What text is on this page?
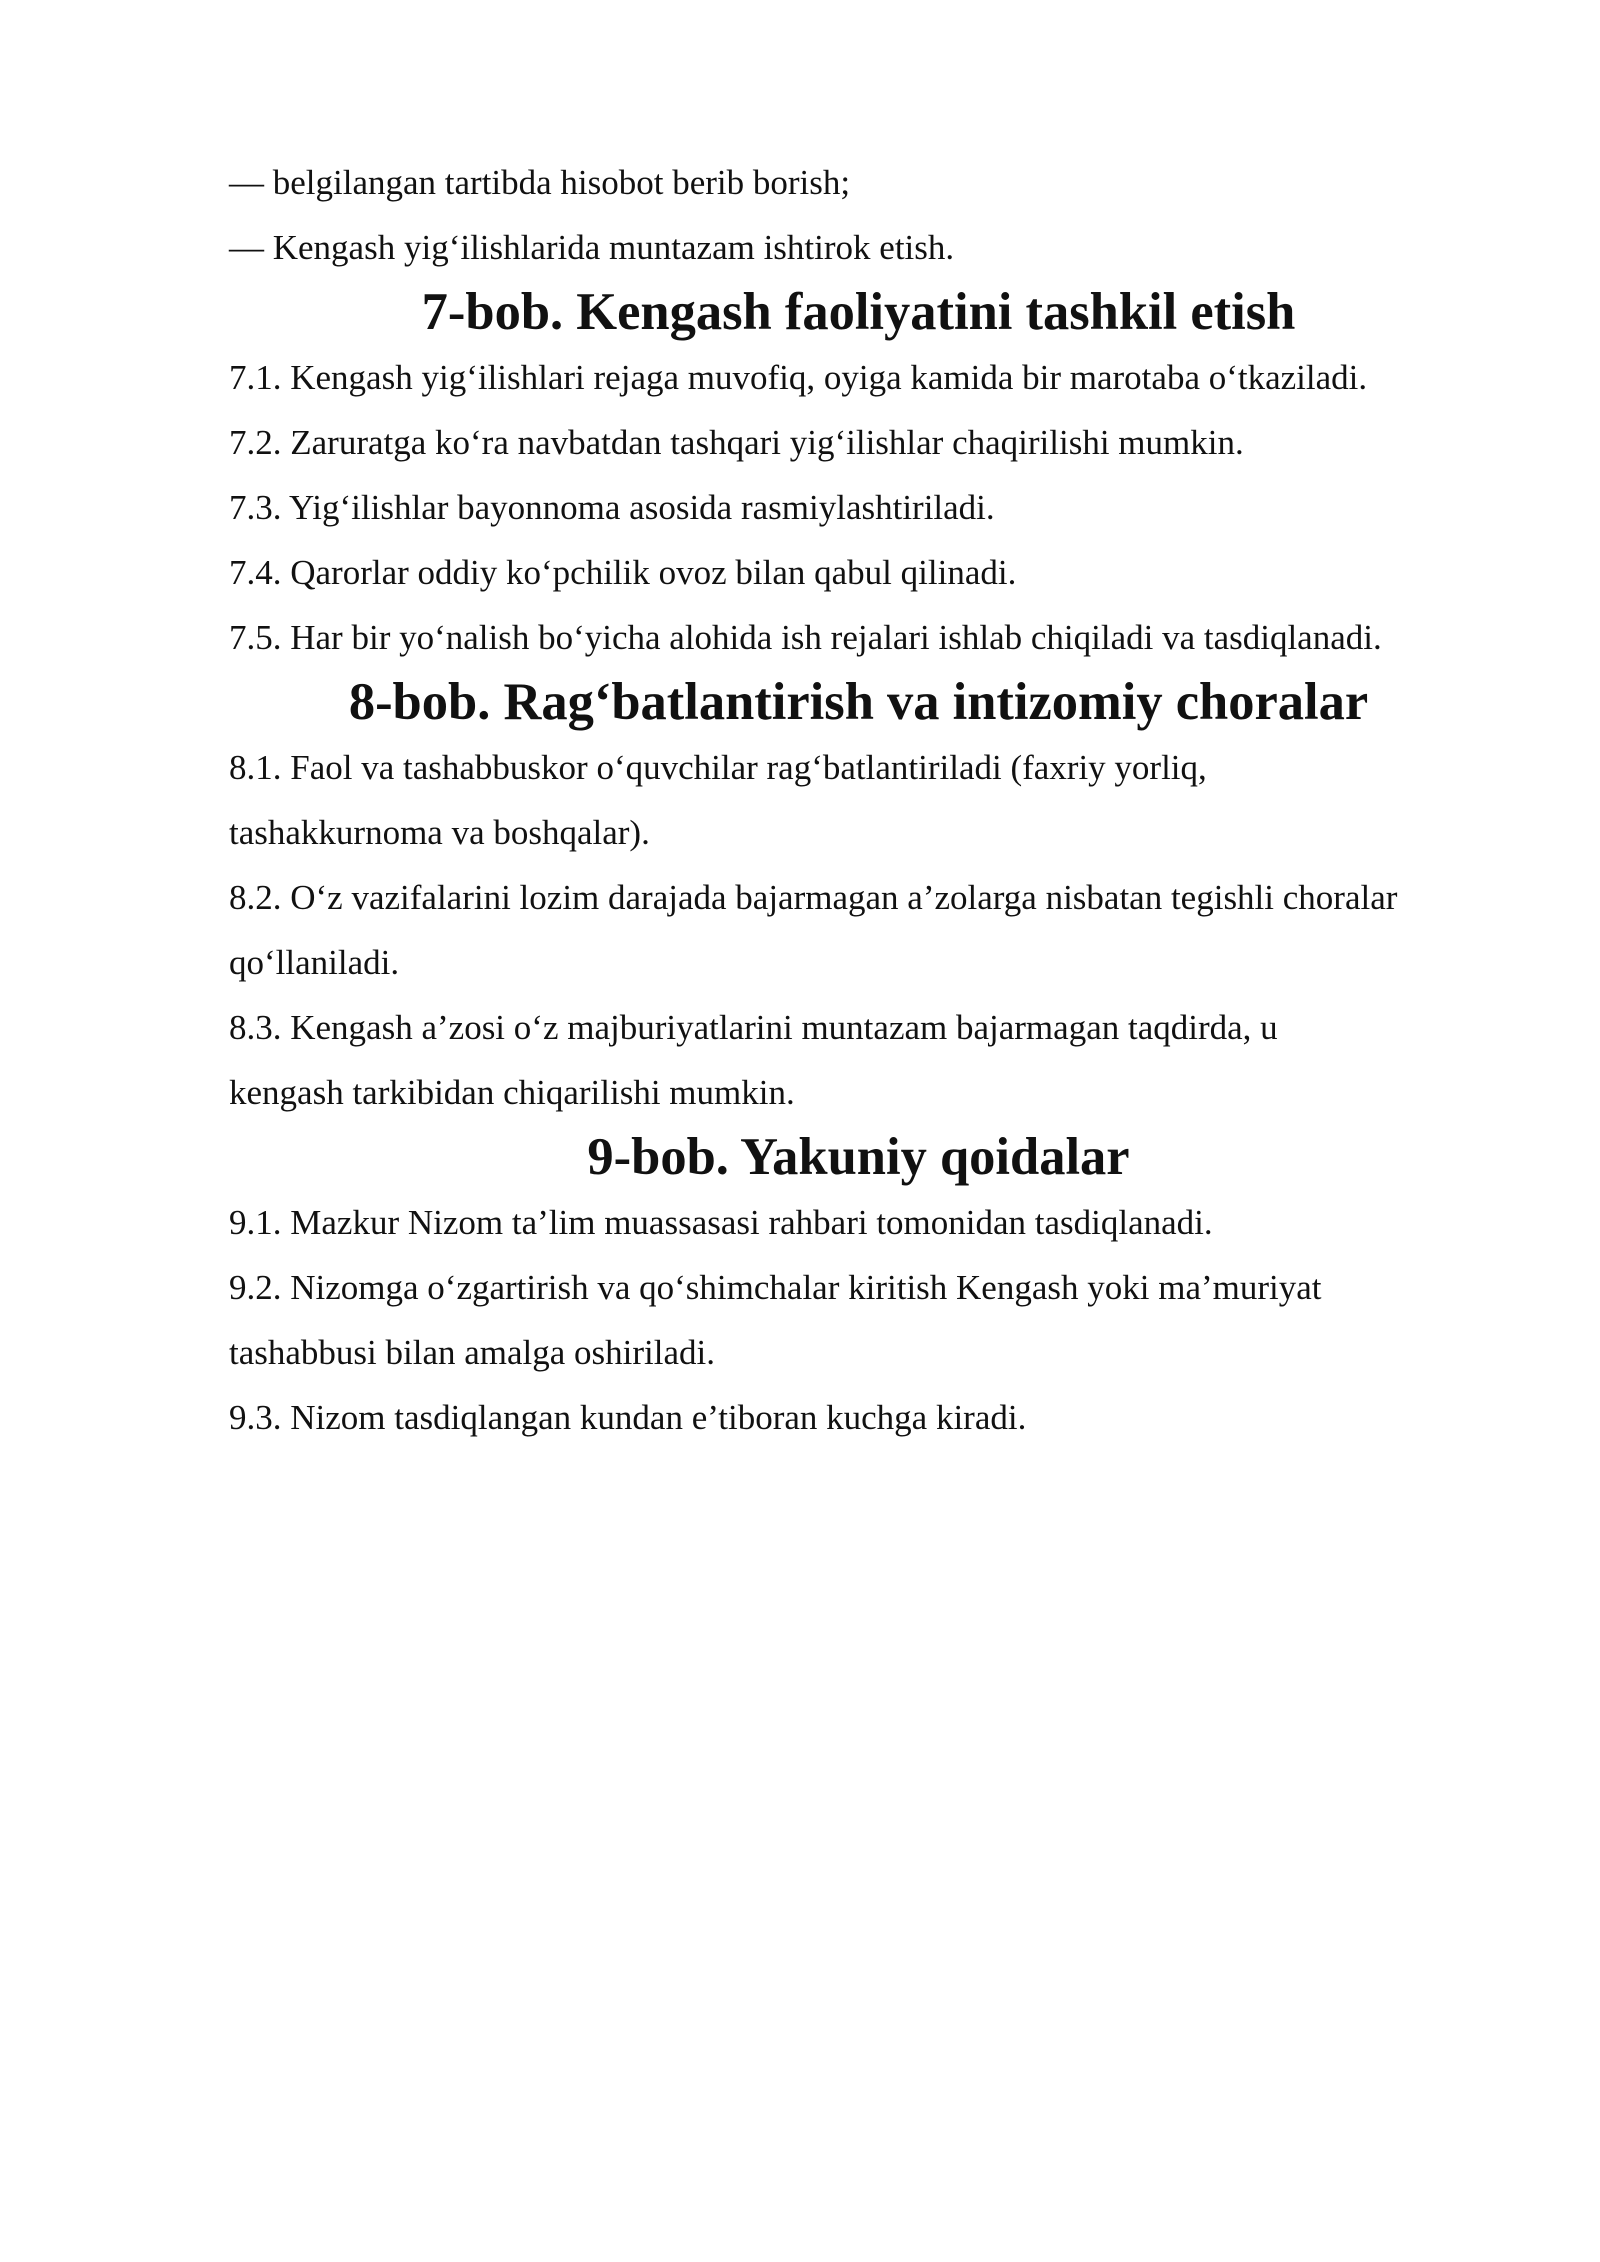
— belgilangan tartibda hisobot berib borish;

— Kengash yigʻilishlarida muntazam ishtirok etish.

7-bob. Kengash faoliyatini tashkil etish

7.1. Kengash yigʻilishlari rejaga muvofiq, oyiga kamida bir marotaba oʻtkaziladi.

7.2. Zaruratga koʻra navbatdan tashqari yigʻilishlar chaqirilishi mumkin.

7.3. Yigʻilishlar bayonnoma asosida rasmiylashtiriladi.

7.4. Qarorlar oddiy koʻpchilik ovoz bilan qabul qilinadi.

7.5. Har bir yoʻnalish boʻyicha alohida ish rejalari ishlab chiqiladi va tasdiqlanadi.

8-bob. Ragʻbatlantirish va intizomiy choralar

8.1. Faol va tashabbuskor oʻquvchilar ragʻbatlantiriladi (faxriy yorliq,

tashakkurnoma va boshqalar).

8.2. Oʻz vazifalarini lozim darajada bajarmagan a’zolarga nisbatan tegishli choralar

qoʻllaniladi.

8.3. Kengash a’zosi oʻz majburiyatlarini muntazam bajarmagan taqdirda, u

kengash tarkibidan chiqarilishi mumkin.

9-bob. Yakuniy qoidalar

9.1. Mazkur Nizom ta’lim muassasasi rahbari tomonidan tasdiqlanadi.

9.2. Nizomga oʻzgartirish va qoʻshimchalar kiritish Kengash yoki ma’muriyat

tashabbusi bilan amalga oshiriladi.

9.3. Nizom tasdiqlangan kundan e’tiboran kuchga kiradi.
